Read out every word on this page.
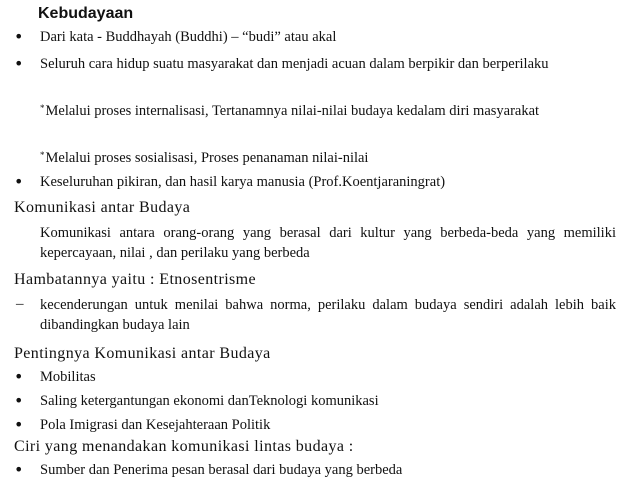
Kebudayaan
• Dari kata - Buddhayah (Buddhi) – “budi” atau akal
• Seluruh cara hidup suatu masyarakat dan menjadi acuan dalam berpikir dan berperilaku
*Melalui proses internalisasi, Tertanamnya nilai-nilai budaya kedalam diri masyarakat
*Melalui proses sosialisasi, Proses penanaman nilai-nilai
• Keseluruhan pikiran, dan hasil karya manusia (Prof.Koentjaraningrat)
Komunikasi antar Budaya
Komunikasi antara orang-orang yang berasal dari kultur yang berbeda-beda yang memiliki kepercayaan, nilai , dan perilaku yang berbeda
Hambatannya yaitu : Etnosentrisme
– kecenderungan untuk menilai bahwa norma, perilaku dalam budaya sendiri adalah lebih baik dibandingkan budaya lain
Pentingnya Komunikasi antar Budaya
• Mobilitas
• Saling ketergantungan ekonomi danTeknologi komunikasi
• Pola Imigrasi dan Kesejahteraan Politik
Ciri yang menandakan komunikasi lintas budaya :
• Sumber dan Penerima pesan berasal dari budaya yang berbeda
